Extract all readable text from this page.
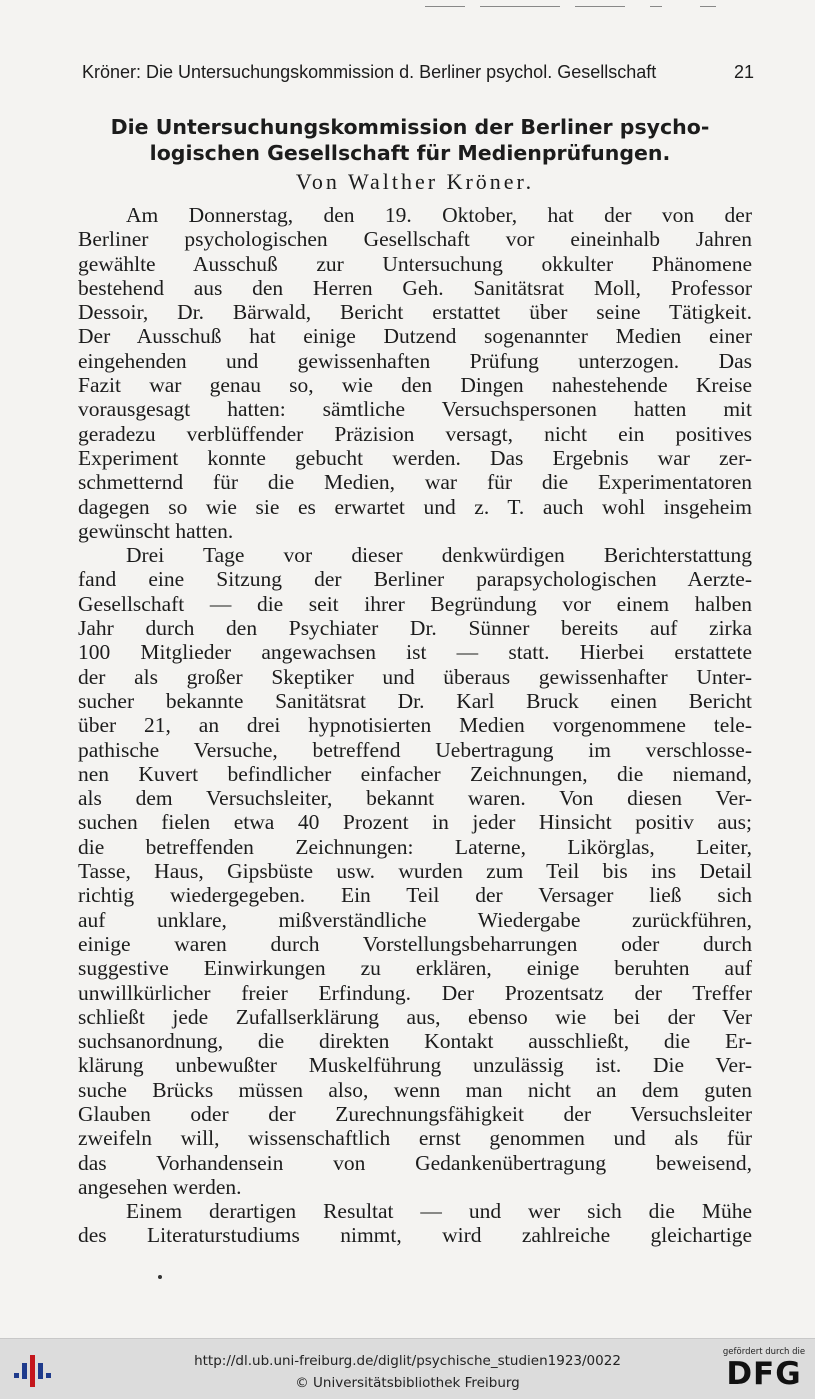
Kröner: Die Untersuchungskommission d. Berliner psychol. Gesellschaft	21
Die Untersuchungskommission der Berliner psycho-
logischen Gesellschaft für Medienprüfungen.
Von Walther Kröner.
Am Donnerstag, den 19. Oktober, hat der von der
Berliner psychologischen Gesellschaft vor eineinhalb Jahren
gewählte Ausschuß zur Untersuchung okkulter Phänomene
bestehend aus den Herren Geh. Sanitätsrat Moll, Professor
Dessoir, Dr. Bärwald, Bericht erstattet über seine Tätigkeit.
Der Ausschuß hat einige Dutzend sogenannter Medien einer
eingehenden und gewissenhaften Prüfung unterzogen. Das
Fazit war genau so, wie den Dingen nahestehende Kreise
vorausgesagt hatten: sämtliche Versuchspersonen hatten mit
geradezu verblüffender Präzision versagt, nicht ein positives
Experiment konnte gebucht werden. Das Ergebnis war zer-
schmetternd für die Medien, war für die Experimentatoren
dagegen so wie sie es erwartet und z. T. auch wohl insgeheim
gewünscht hatten.
Drei Tage vor dieser denkwürdigen Berichterstattung
fand eine Sitzung der Berliner parapsychologischen Aerzte-
Gesellschaft — die seit ihrer Begründung vor einem halben
Jahr durch den Psychiater Dr. Sünner bereits auf zirka
100 Mitglieder angewachsen ist — statt. Hierbei erstattete
der als großer Skeptiker und überaus gewissenhafter Unter-
sucher bekannte Sanitätsrat Dr. Karl Bruck einen Bericht
über 21, an drei hypnotisierten Medien vorgenommene tele-
pathische Versuche, betreffend Uebertragung im verschlosse-
nen Kuvert befindlicher einfacher Zeichnungen, die niemand,
als dem Versuchsleiter, bekannt waren. Von diesen Ver-
suchen fielen etwa 40 Prozent in jeder Hinsicht positiv aus;
die betreffenden Zeichnungen: Laterne, Likörglas, Leiter,
Tasse, Haus, Gipsbüste usw. wurden zum Teil bis ins Detail
richtig wiedergegeben. Ein Teil der Versager ließ sich
auf unklare, mißverständliche Wiedergabe zurückführen,
einige waren durch Vorstellungsbeharrungen oder durch
suggestive Einwirkungen zu erklären, einige beruhten auf
unwillkürlicher freier Erfindung. Der Prozentsatz der Treffer
schließt jede Zufallserklärung aus, ebenso wie bei der Ver
suchsanordnung, die direkten Kontakt ausschließt, die Er-
klärung unbewußter Muskelführung unzulässig ist. Die Ver-
suche Brücks müssen also, wenn man nicht an dem guten
Glauben oder der Zurechnungsfähigkeit der Versuchsleiter
zweifeln will, wissenschaftlich ernst genommen und als für
das Vorhandensein von Gedankenübertragung beweisend,
angesehen werden.
Einem derartigen Resultat — und wer sich die Mühe
des Literaturstudiums nimmt, wird zahlreiche gleichartige
http://dl.ub.uni-freiburg.de/diglit/psychische_studien1923/0022
© Universitätsbibliothek Freiburg
gefördert durch die
DFG
